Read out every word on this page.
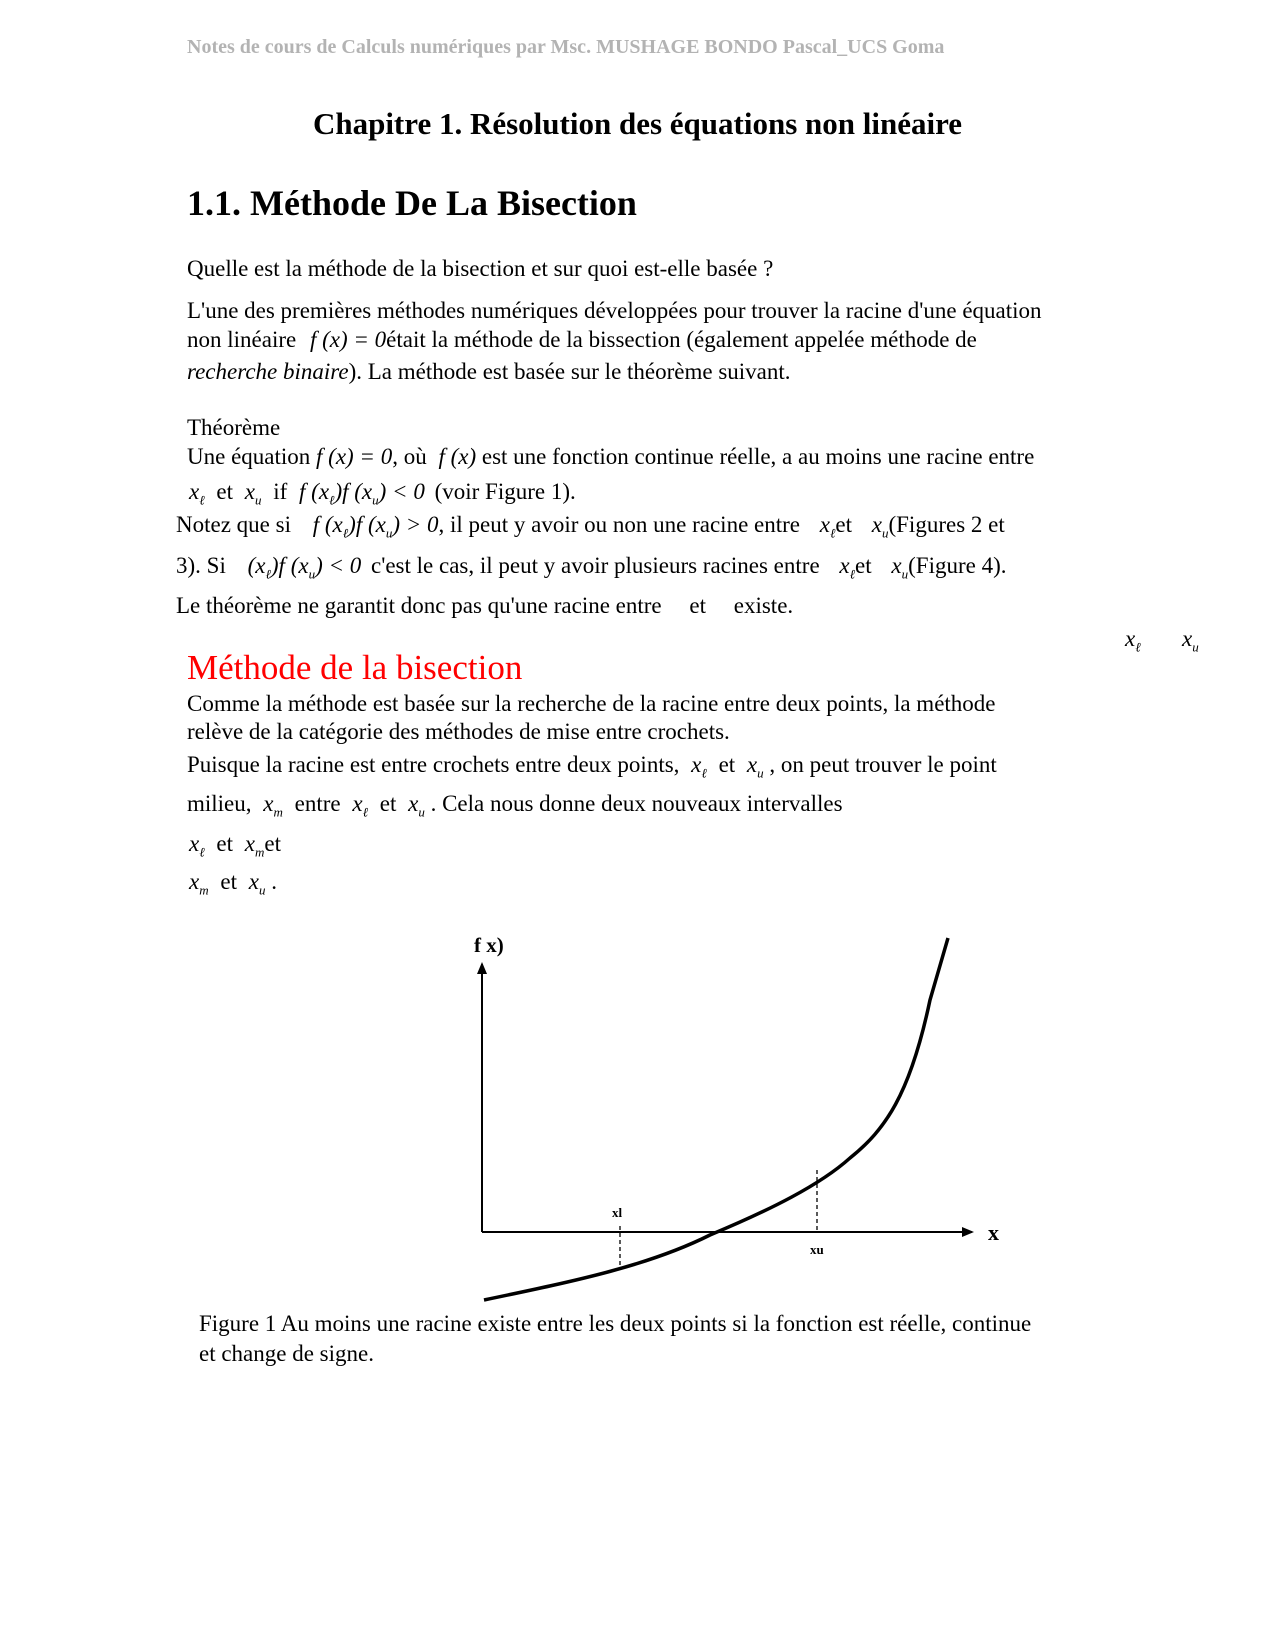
Notes de cours de Calculs numériques par Msc. MUSHAGE BONDO Pascal_UCS Goma
Chapitre 1. Résolution des équations non linéaire
1.1. Méthode De La Bisection
Quelle est la méthode de la bisection et sur quoi est-elle basée ?
L'une des premières méthodes numériques développées pour trouver la racine d'une équation
non linéaire f (x) = 0était la méthode de la bissection (également appelée méthode de
recherche binaire). La méthode est basée sur le théorème suivant.
Théorème
Une équation f (x) = 0, où f (x) est une fonction continue réelle, a au moins une racine entre
$x_\ell$ et $x_u$ if f $(x_\ell)f$ $(x_u) < 0$ (voir Figure 1).
Notez que si f $(x_\ell)f$ $(x_u) > 0$, il peut y avoir ou non une racine entre $x_\ell et$ $x_u(Figures$ 2 et
3). Si $(x_\ell)f$ $(x_u) < 0$ c'est le cas, il peut y avoir plusieurs racines entre $x_\ell et$ $x_u(Figure$ 4).
Le théorème ne garantit donc pas qu'une racine entre et existe.
$x_\ell$ $x_u$
Méthode de la bisection
Comme la méthode est basée sur la recherche de la racine entre deux points, la méthode
relève de la catégorie des méthodes de mise entre crochets.
Puisque la racine est entre crochets entre deux points, $x_\ell$ et $x_u$ , on peut trouver le point
milieu, $x_m$ entre $x_\ell$ et $x_u$ . Cela nous donne deux nouveaux intervalles
$x_\ell$ et $x_met$
$x_m$ et $x_u$ .
f x)
x
xl
xu
Figure 1 Au moins une racine existe entre les deux points si la fonction est réelle, continue
et change de signe.
